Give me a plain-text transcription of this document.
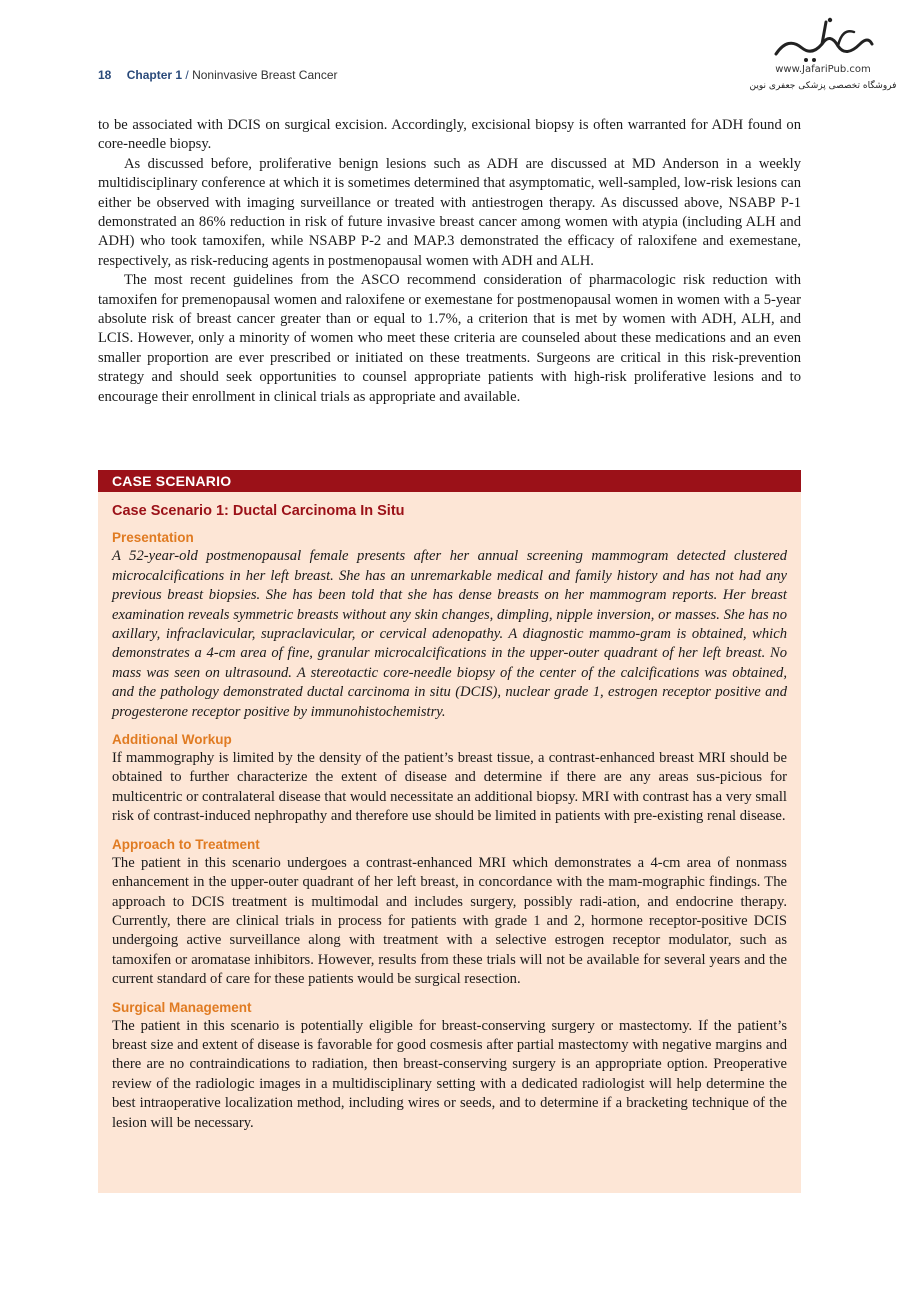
18 Chapter 1 / Noninvasive Breast Cancer	www.JafariPub.com
فروشگاه تخصصی پزشکی جعفری نوین

to be associated with DCIS on surgical excision. Accordingly, excisional biopsy is often warranted for ADH found on core-needle biopsy.

As discussed before, proliferative benign lesions such as ADH are discussed at MD Anderson in a weekly multidisciplinary conference at which it is sometimes determined that asymptomatic, well-sampled, low-risk lesions can either be observed with imaging surveillance or treated with antiestrogen therapy. As discussed above, NSABP P-1 demonstrated an 86% reduction in risk of future invasive breast cancer among women with atypia (including ALH and ADH) who took tamoxifen, while NSABP P-2 and MAP.3 demonstrated the efficacy of raloxifene and exemestane, respectively, as risk-reducing agents in postmenopausal women with ADH and ALH.

The most recent guidelines from the ASCO recommend consideration of pharmacologic risk reduction with tamoxifen for premenopausal women and raloxifene or exemestane for postmenopausal women in women with a 5-year absolute risk of breast cancer greater than or equal to 1.7%, a criterion that is met by women with ADH, ALH, and LCIS. However, only a minority of women who meet these criteria are counseled about these medications and an even smaller proportion are ever prescribed or initiated on these treatments. Surgeons are critical in this risk-prevention strategy and should seek opportunities to counsel appropriate patients with high-risk proliferative lesions and to encourage their enrollment in clinical trials as appropriate and available.

CASE SCENARIO
Case Scenario 1: Ductal Carcinoma In Situ
Presentation

A 52-year-old postmenopausal female presents after her annual screening mammogram detected clustered microcalcifications in her left breast. She has an unremarkable medical and family history and has not had any previous breast biopsies. She has been told that she has dense breasts on her mammogram reports. Her breast examination reveals symmetric breasts without any skin changes, dimpling, nipple inversion, or masses. She has no axillary, infraclavicular, supraclavicular, or cervical adenopathy. A diagnostic mammo-gram is obtained, which demonstrates a 4-cm area of fine, granular microcalcifications in the upper-outer quadrant of her left breast. No mass was seen on ultrasound. A stereotactic core-needle biopsy of the center of the calcifications was obtained, and the pathology demonstrated ductal carcinoma in situ (DCIS), nuclear grade 1, estrogen receptor positive and progesterone receptor positive by immunohistochemistry.

Additional Workup

If mammography is limited by the density of the patient’s breast tissue, a contrast-enhanced breast MRI should be obtained to further characterize the extent of disease and determine if there are any areas sus-picious for multicentric or contralateral disease that would necessitate an additional biopsy. MRI with contrast has a very small risk of contrast-induced nephropathy and therefore use should be limited in patients with pre-existing renal disease.

Approach to Treatment

The patient in this scenario undergoes a contrast-enhanced MRI which demonstrates a 4-cm area of nonmass enhancement in the upper-outer quadrant of her left breast, in concordance with the mam-mographic findings. The approach to DCIS treatment is multimodal and includes surgery, possibly radi-ation, and endocrine therapy. Currently, there are clinical trials in process for patients with grade 1 and 2, hormone receptor-positive DCIS undergoing active surveillance along with treatment with a selective estrogen receptor modulator, such as tamoxifen or aromatase inhibitors. However, results from these trials will not be available for several years and the current standard of care for these patients would be surgical resection.

Surgical Management

The patient in this scenario is potentially eligible for breast-conserving surgery or mastectomy. If the patient’s breast size and extent of disease is favorable for good cosmesis after partial mastectomy with negative margins and there are no contraindications to radiation, then breast-conserving surgery is an appropriate option. Preoperative review of the radiologic images in a multidisciplinary setting with a dedicated radiologist will help determine the best intraoperative localization method, including wires or seeds, and to determine if a bracketing technique of the lesion will be necessary.
